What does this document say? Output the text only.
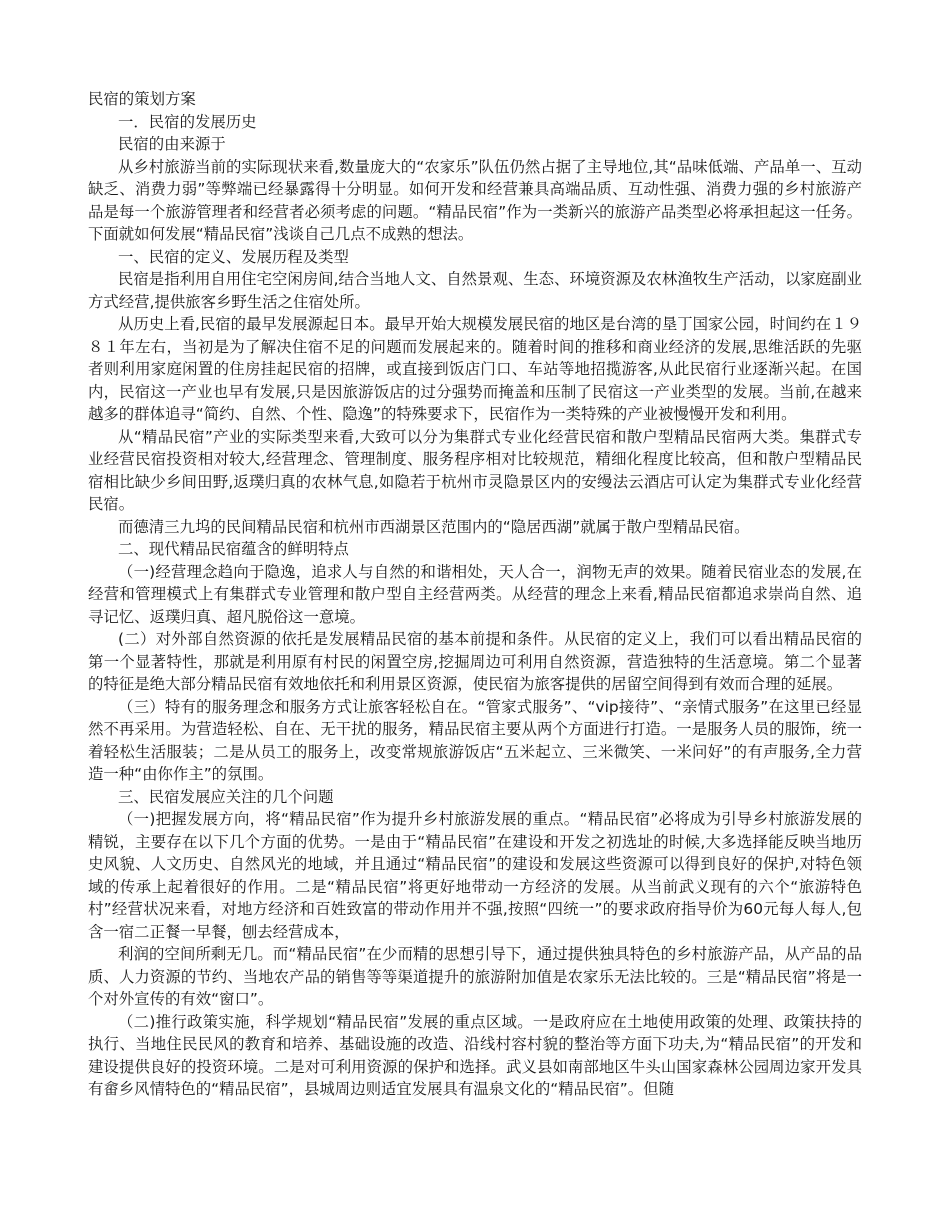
民宿的策划方案

一．民宿的发展历史

民宿的由来源于

从乡村旅游当前的实际现状来看,数量庞大的“农家乐”队伍仍然占据了主导地位,其“品味低端、产品单一、互动缺乏、消费力弱”等弊端已经暴露得十分明显。如何开发和经营兼具高端品质、互动性强、消费力强的乡村旅游产品是每一个旅游管理者和经营者必须考虑的问题。“精品民宿”作为一类新兴的旅游产品类型必将承担起这一任务。下面就如何发展“精品民宿”浅谈自己几点不成熟的想法。

一、民宿的定义、发展历程及类型

民宿是指利用自用住宅空闲房间,结合当地人文、自然景观、生态、环境资源及农林渔牧生产活动，以家庭副业方式经营,提供旅客乡野生活之住宿处所。

从历史上看,民宿的最早发展源起日本。最早开始大规模发展民宿的地区是台湾的垦丁国家公园，时间约在１９８１年左右，当初是为了解决住宿不足的问题而发展起来的。随着时间的推移和商业经济的发展,思维活跃的先驱者则利用家庭闲置的住房挂起民宿的招牌，或直接到饭店门口、车站等地招揽游客,从此民宿行业逐渐兴起。在国内，民宿这一产业也早有发展,只是因旅游饭店的过分强势而掩盖和压制了民宿这一产业类型的发展。当前,在越来越多的群体追寻“简约、自然、个性、隐逸”的特殊要求下，民宿作为一类特殊的产业被慢慢开发和利用。

从“精品民宿”产业的实际类型来看,大致可以分为集群式专业化经营民宿和散户型精品民宿两大类。集群式专业经营民宿投资相对较大,经营理念、管理制度、服务程序相对比较规范，精细化程度比较高，但和散户型精品民宿相比缺少乡间田野,返璞归真的农林气息,如隐若于杭州市灵隐景区内的安缦法云酒店可认定为集群式专业化经营民宿。

而德清三九坞的民间精品民宿和杭州市西湖景区范围内的“隐居西湖”就属于散户型精品民宿。

二、现代精品民宿蕴含的鲜明特点

（一)经营理念趋向于隐逸，追求人与自然的和谐相处，天人合一，润物无声的效果。随着民宿业态的发展,在经营和管理模式上有集群式专业管理和散户型自主经营两类。从经营的理念上来看,精品民宿都追求崇尚自然、追寻记忆、返璞归真、超凡脱俗这一意境。

(二）对外部自然资源的依托是发展精品民宿的基本前提和条件。从民宿的定义上，我们可以看出精品民宿的第一个显著特性，那就是利用原有村民的闲置空房,挖掘周边可利用自然资源，营造独特的生活意境。第二个显著的特征是绝大部分精品民宿有效地依托和利用景区资源，使民宿为旅客提供的居留空间得到有效而合理的延展。

（三）特有的服务理念和服务方式让旅客轻松自在。“管家式服务”、“vip接待”、“亲情式服务”在这里已经显然不再采用。为营造轻松、自在、无干扰的服务，精品民宿主要从两个方面进行打造。一是服务人员的服饰，统一着轻松生活服装；二是从员工的服务上，改变常规旅游饭店“五米起立、三米微笑、一米问好”的有声服务,全力营造一种“由你作主”的氛围。

三、民宿发展应关注的几个问题

（一)把握发展方向，将“精品民宿”作为提升乡村旅游发展的重点。“精品民宿”必将成为引导乡村旅游发展的精锐，主要存在以下几个方面的优势。一是由于“精品民宿”在建设和开发之初选址的时候,大多选择能反映当地历史风貌、人文历史、自然风光的地域，并且通过“精品民宿”的建设和发展这些资源可以得到良好的保护,对特色领域的传承上起着很好的作用。二是“精品民宿”将更好地带动一方经济的发展。从当前武义现有的六个“旅游特色村”经营状况来看，对地方经济和百姓致富的带动作用并不强,按照“四统一”的要求政府指导价为60元每人每人,包含一宿二正餐一早餐，刨去经营成本，

利润的空间所剩无几。而“精品民宿”在少而精的思想引导下，通过提供独具特色的乡村旅游产品，从产品的品质、人力资源的节约、当地农产品的销售等等渠道提升的旅游附加值是农家乐无法比较的。三是“精品民宿”将是一个对外宣传的有效“窗口”。

（二)推行政策实施，科学规划“精品民宿”发展的重点区域。一是政府应在土地使用政策的处理、政策扶持的执行、当地住民民风的教育和培养、基础设施的改造、沿线村容村貌的整治等方面下功夫,为“精品民宿”的开发和建设提供良好的投资环境。二是对可利用资源的保护和选择。武义县如南部地区牛头山国家森林公园周边家开发具有畲乡风情特色的“精品民宿”，县城周边则适宜发展具有温泉文化的“精品民宿”。但随
